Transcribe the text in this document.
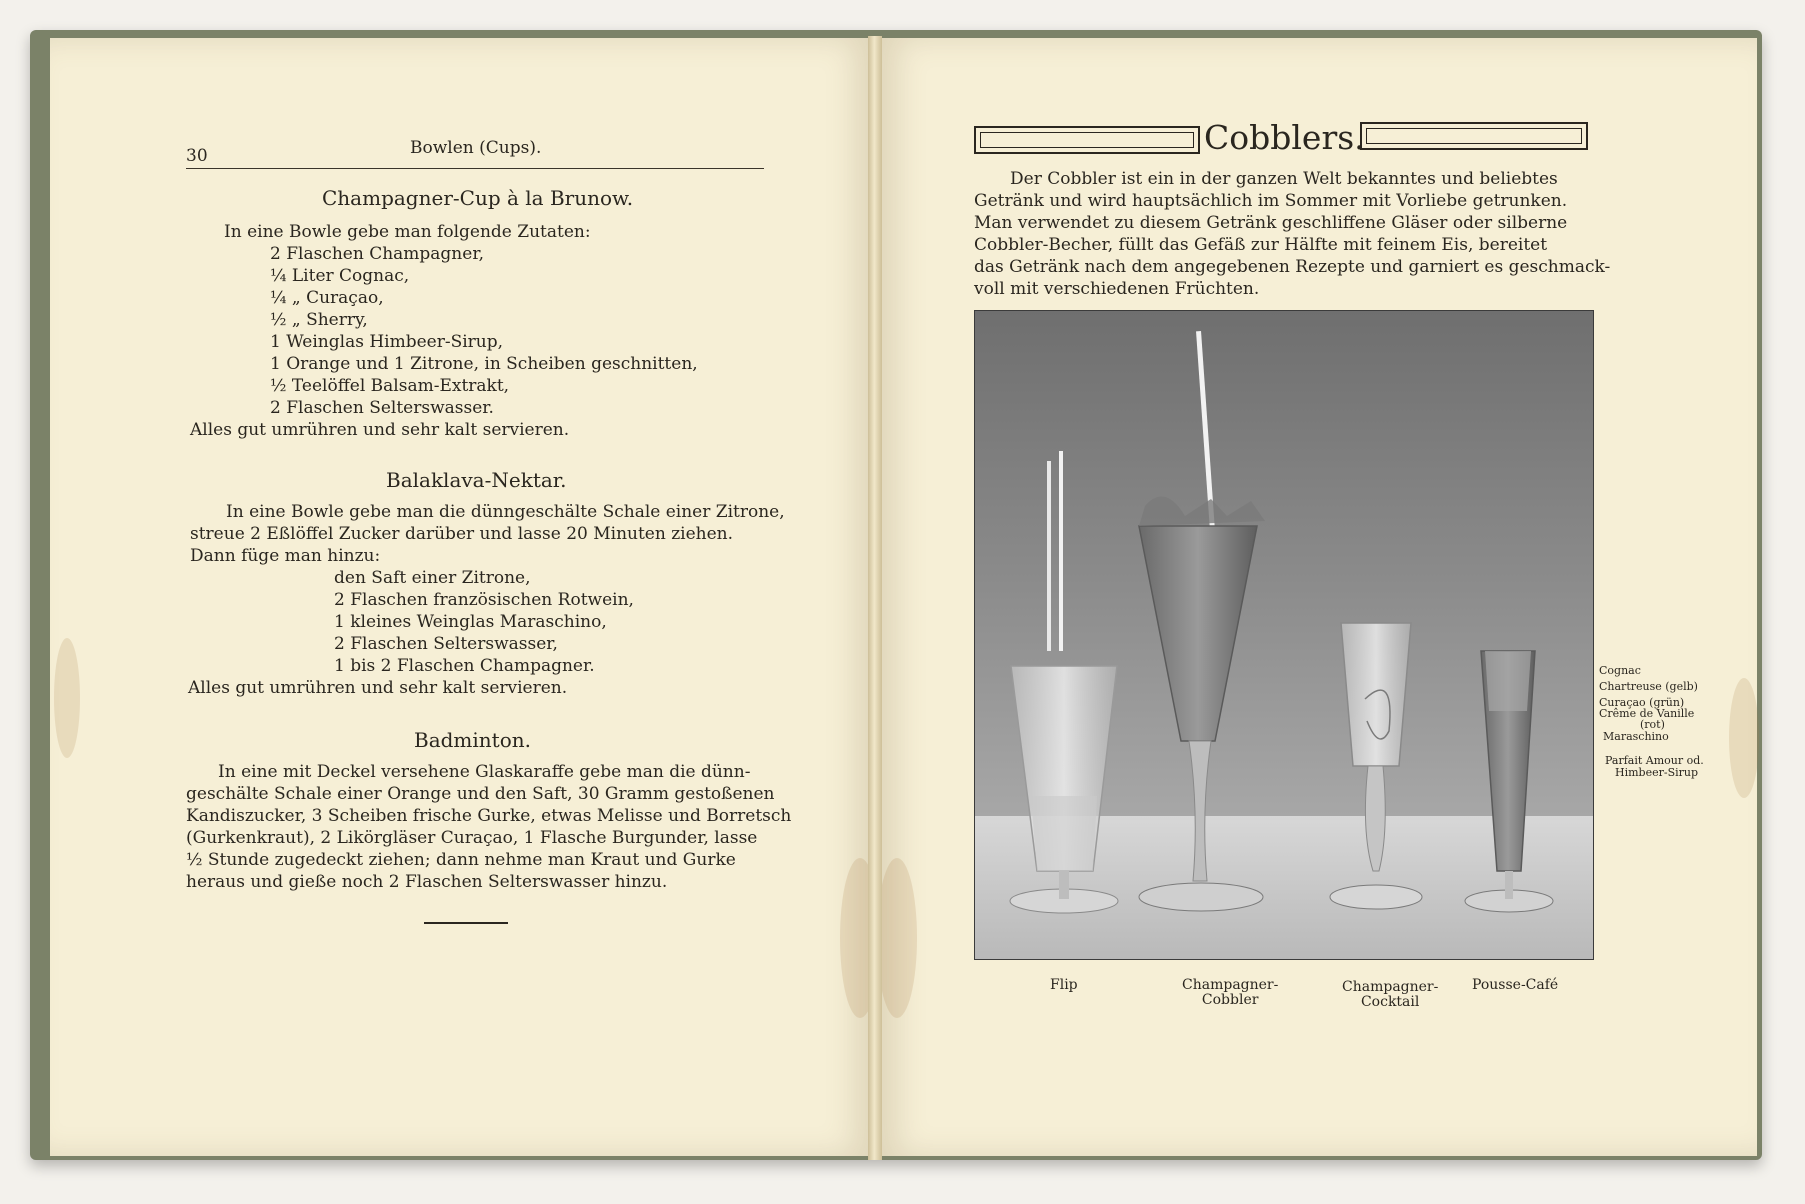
30	Bowlen (Cups).
Champagner-Cup à la Brunow.
In eine Bowle gebe man folgende Zutaten:
2 Flaschen Champagner,
¼ Liter Cognac,
¼ „ Curaçao,
½ „ Sherry,
1 Weinglas Himbeer-Sirup,
1 Orange und 1 Zitrone, in Scheiben geschnitten,
½ Teelöffel Balsam-Extrakt,
2 Flaschen Selterswasser.
Alles gut umrühren und sehr kalt servieren.
Balaklava-Nektar.
In eine Bowle gebe man die dünngeschälte Schale einer Zitrone,
streue 2 Eßlöffel Zucker darüber und lasse 20 Minuten ziehen.
Dann füge man hinzu:
den Saft einer Zitrone,
2 Flaschen französischen Rotwein,
1 kleines Weinglas Maraschino,
2 Flaschen Selterswasser,
1 bis 2 Flaschen Champagner.
Alles gut umrühren und sehr kalt servieren.
Badminton.
In eine mit Deckel versehene Glaskaraffe gebe man die dünn-
geschälte Schale einer Orange und den Saft, 30 Gramm gestoßenen
Kandiszucker, 3 Scheiben frische Gurke, etwas Melisse und Borretsch
(Gurkenkraut), 2 Likörgläser Curaçao, 1 Flasche Burgunder, lasse
½ Stunde zugedeckt ziehen; dann nehme man Kraut und Gurke
heraus und gieße noch 2 Flaschen Selterswasser hinzu.
Cobblers.
Der Cobbler ist ein in der ganzen Welt bekanntes und beliebtes
Getränk und wird hauptsächlich im Sommer mit Vorliebe getrunken.
Man verwendet zu diesem Getränk geschliffene Gläser oder silberne
Cobbler-Becher, füllt das Gefäß zur Hälfte mit feinem Eis, bereitet
das Getränk nach dem angegebenen Rezepte und garniert es geschmack-
voll mit verschiedenen Früchten.
Cognac
Chartreuse (gelb)
Curaçao (grün)
Crême de Vanille
(rot)
Maraschino
Parfait Amour od.
Himbeer-Sirup
Flip	Champagner-
Cobbler
Champagner-
Cocktail
Pousse-Café
